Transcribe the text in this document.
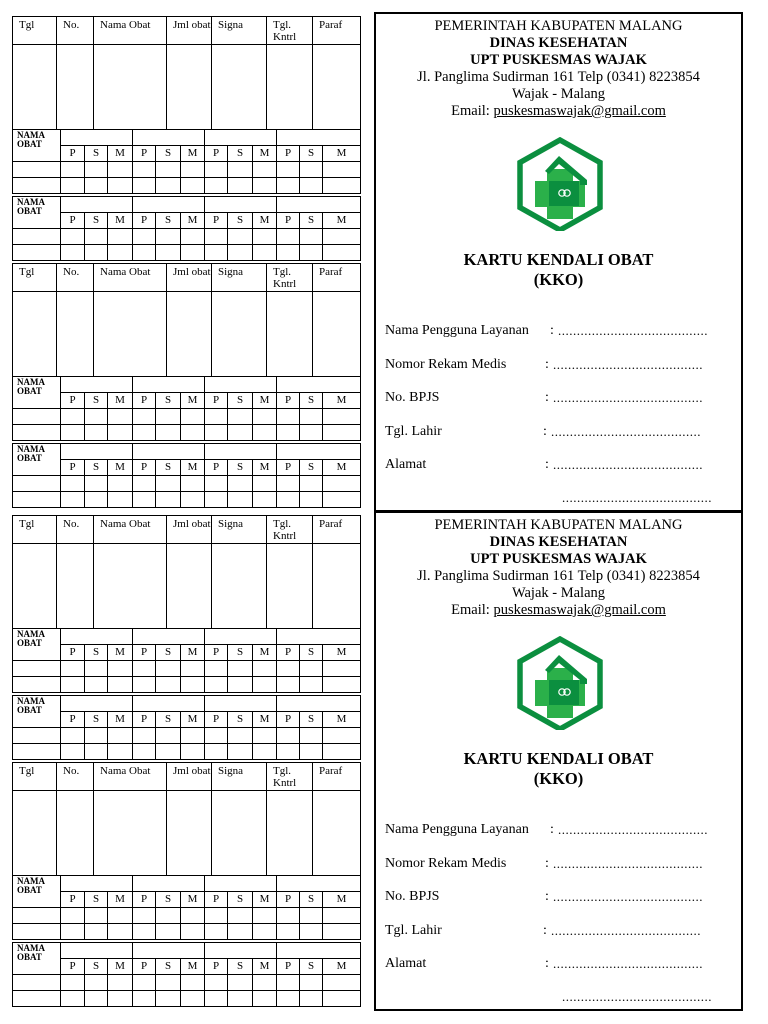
Tgl	No.	Nama Obat	Jml obat	Signa	Tgl. Kntrl	Paraf

NAMA OBAT													
	P	S	M	P	S	M	P	S	M	P	S	M	

NAMA OBAT													
	P	S	M	P	S	M	P	S	M	P	S	M	

Tgl	No.	Nama Obat	Jml obat	Signa	Tgl. Kntrl	Paraf

NAMA OBAT													
	P	S	M	P	S	M	P	S	M	P	S	M	

NAMA OBAT													
	P	S	M	P	S	M	P	S	M	P	S	M	

PEMERINTAH KABUPATEN MALANG
DINAS KESEHATAN
UPT PUSKESMAS WAJAK
Jl. Panglima Sudirman 161 Telp (0341) 8223854
Wajak - Malang
Email: puskesmaswajak@gmail.com
KARTU KENDALI OBAT
(KKO)
Nama Pengguna Layanan : ........................................
Nomor Rekam Medis	: ........................................
No. BPJS	: ........................................
Tgl. Lahir	: ........................................
Alamat	: ........................................
........................................
Tgl	No.	Nama Obat	Jml obat	Signa	Tgl. Kntrl	Paraf

NAMA OBAT													
	P	S	M	P	S	M	P	S	M	P	S	M	

NAMA OBAT													
	P	S	M	P	S	M	P	S	M	P	S	M	

Tgl	No.	Nama Obat	Jml obat	Signa	Tgl. Kntrl	Paraf

NAMA OBAT													
	P	S	M	P	S	M	P	S	M	P	S	M	

NAMA OBAT													
	P	S	M	P	S	M	P	S	M	P	S	M	

PEMERINTAH KABUPATEN MALANG
DINAS KESEHATAN
UPT PUSKESMAS WAJAK
Jl. Panglima Sudirman 161 Telp (0341) 8223854
Wajak - Malang
Email: puskesmaswajak@gmail.com
KARTU KENDALI OBAT
(KKO)
Nama Pengguna Layanan : ........................................
Nomor Rekam Medis	: ........................................
No. BPJS	: ........................................
Tgl. Lahir	: ........................................
Alamat	: ........................................
........................................
